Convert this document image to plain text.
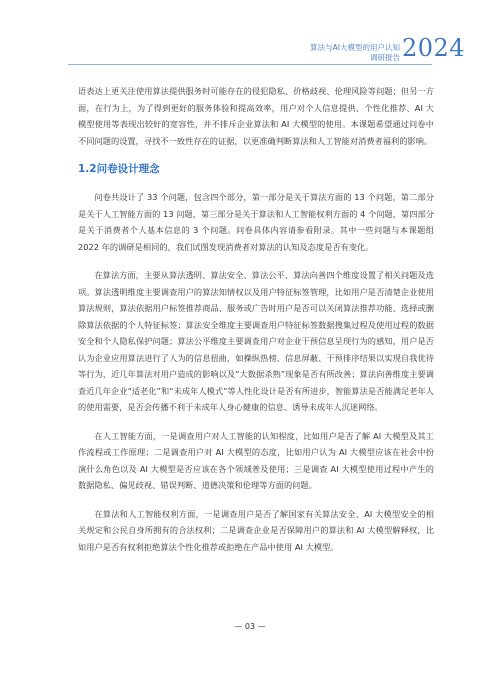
算法与AI大模型的用户认知
调研报告 2024

语表达上更关注使用算法提供服务时可能存在的侵犯隐私、价格歧视、伦理风险等问题；但另一方面，在行为上，为了得到更好的服务体验和提高效率，用户对个人信息提供、个性化推荐、AI 大模型使用等表现出较好的宽容性，并不排斥企业算法和 AI 大模型的使用。本课题希望通过问卷中不同问题的设置，寻找不一致性存在的证据，以更准确判断算法和人工智能对消费者福利的影响。

1.2问卷设计理念

问卷共设计了 33 个问题，包含四个部分，第一部分是关于算法方面的 13 个问题，第二部分是关于人工智能方面的 13 问题，第三部分是关于算法和人工智能权利方面的 4 个问题，第四部分是关于消费者个人基本信息的 3 个问题。问卷具体内容请参看附录。其中一些问题与本课题组 2022 年的调研是相同的，我们试图发现消费者对算法的认知及态度是否有变化。

在算法方面，主要从算法透明、算法安全、算法公平、算法向善四个维度设置了相关问题及选项。算法透明维度主要调查用户的算法知情权以及用户特征标签管理，比如用户是否清楚企业使用算法规则，算法依据用户标签推荐商品、服务或广告时用户是否可以关闭算法推荐功能、选择或删除算法依据的个人特征标签；算法安全维度主要调查用户特征标签数据搜集过程及使用过程的数据安全和个人隐私保护问题；算法公平维度主要调查用户对企业干预信息呈现行为的感知，用户是否认为企业应用算法进行了人为的信息扭曲，如操纵热榜、信息屏蔽、干预排序结果以实现自我优待等行为，近几年算法对用户造成的影响以及“大数据杀熟”现象是否有所改善；算法向善维度主要调查近几年企业“适老化”和“未成年人模式”等人性化设计是否有所进步，智能算法是否能满足老年人的使用需要，是否会传播不利于未成年人身心健康的信息、诱导未成年人沉迷网络。

在人工智能方面，一是调查用户对人工智能的认知程度，比如用户是否了解 AI 大模型及其工作流程或工作原理；二是调查用户对 AI 大模型的态度，比如用户认为 AI 大模型应该在社会中扮演什么角色以及 AI 大模型是否应该在各个领域普及使用；三是调查 AI 大模型使用过程中产生的数据隐私、偏见歧视、错误判断、道德决策和伦理等方面的问题。

在算法和人工智能权利方面，一是调查用户是否了解国家有关算法安全、AI 大模型安全的相关规定和公民自身所拥有的合法权利；二是调查企业是否保障用户的算法和 AI 大模型解释权，比如用户是否有权利拒绝算法个性化推荐或拒绝在产品中使用 AI 大模型。

— 03 —
